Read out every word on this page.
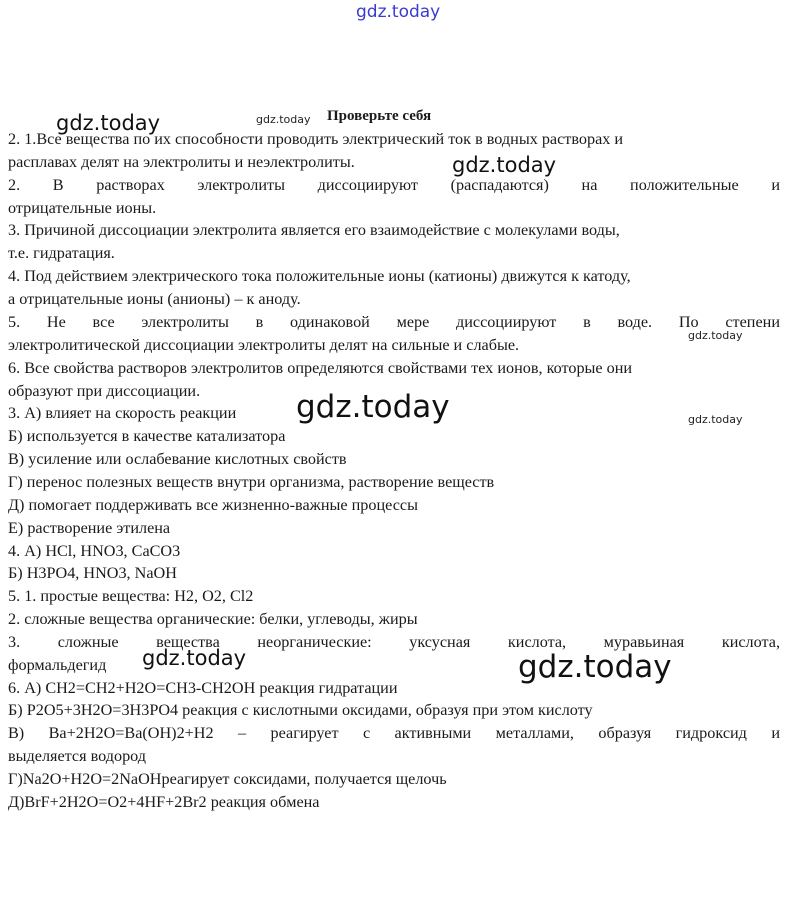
gdz.today
Проверьте себя
2. 1.Все вещества по их способности проводить электрический ток в водных растворах и
расплавах делят на электролиты и неэлектролиты.
2. В растворах электролиты диссоциируют (распадаются) на положительные и
отрицательные ионы.
3. Причиной диссоциации электролита является его взаимодействие с молекулами воды,
т.е. гидратация.
4. Под действием электрического тока положительные ионы (катионы) движутся к катоду,
а отрицательные ионы (анионы) – к аноду.
5. Не все электролиты в одинаковой мере диссоциируют в воде. По степени
электролитической диссоциации электролиты делят на сильные и слабые.
6. Все свойства растворов электролитов определяются свойствами тех ионов, которые они
образуют при диссоциации.
3. А) влияет на скорость реакции
Б) используется в качестве катализатора
В) усиление или ослабевание кислотных свойств
Г) перенос полезных веществ внутри организма, растворение веществ
Д) помогает поддерживать все жизненно-важные процессы
Е) растворение этилена
4. А) HCl, HNO3, CaCO3
Б) H3PO4, HNO3, NaOH
5. 1. простые вещества: H2, O2, Cl2
2. сложные вещества органические: белки, углеводы, жиры
3. сложные вещества неорганические: уксусная кислота, муравьиная кислота,
формальдегид
6. А) CH2=CH2+H2O=CH3-CH2OH реакция гидратации
Б) P2O5+3H2O=3H3PO4 реакция с кислотными оксидами, образуя при этом кислоту
В) Ba+2H2O=Ba(OH)2+H2 – реагирует с активными металлами, образуя гидроксид и
выделяется водород
Г)Na2O+H2O=2NaOHреагирует соксидами, получается щелочь
Д)BrF+2H2O=O2+4HF+2Br2 реакция обмена
gdz.today
gdz.today
gdz.today
gdz.today
gdz.today	gdz.today
gdz.today	gdz.today
